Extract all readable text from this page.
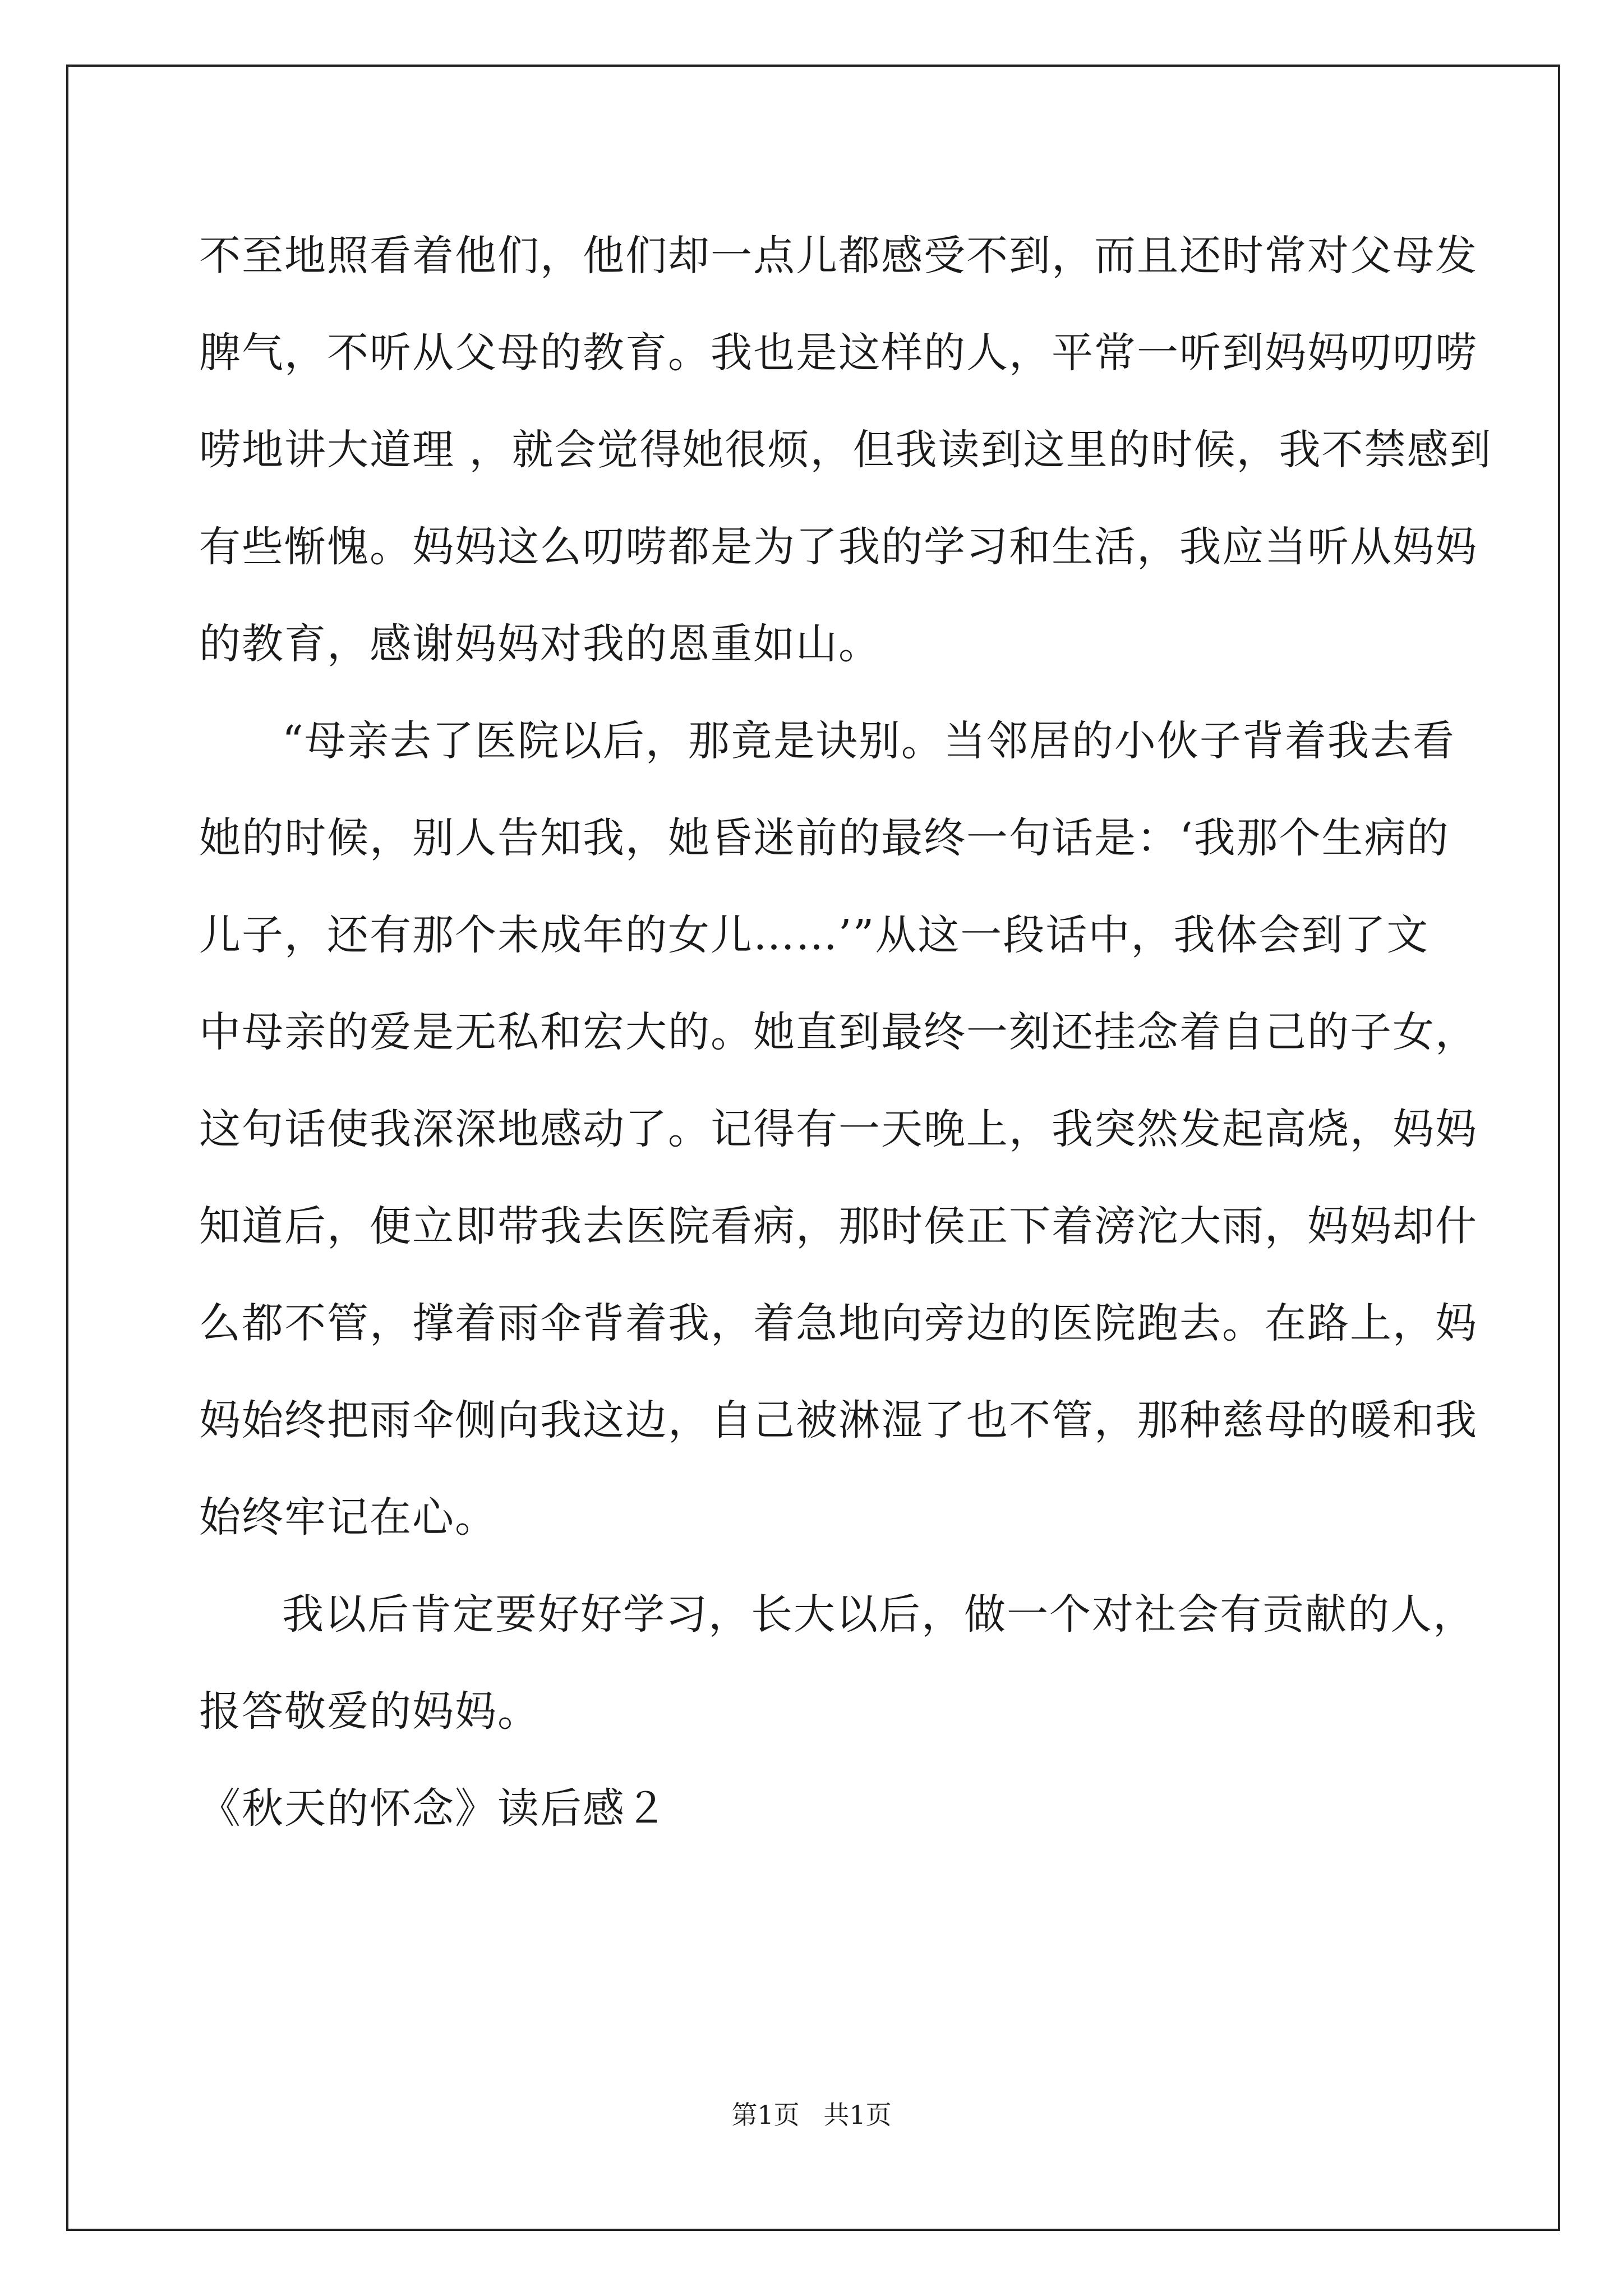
不至地照看着他们，他们却一点儿都感受不到，而且还时常对父母发
脾气，不听从父母的教育。我也是这样的人，平常一听到妈妈叨叨唠
唠地讲大道理 ，就会觉得她很烦，但我读到这里的时候，我不禁感到
有些惭愧。妈妈这么叨唠都是为了我的学习和生活，我应当听从妈妈
的教育，感谢妈妈对我的恩重如山。
“母亲去了医院以后，那竟是诀别。当邻居的小伙子背着我去看
她的时候，别人告知我，她昏迷前的最终一句话是：‘我那个生病的
儿子，还有那个未成年的女儿……’”从这一段话中，我体会到了文
中母亲的爱是无私和宏大的。她直到最终一刻还挂念着自己的子女，
这句话使我深深地感动了。记得有一天晚上，我突然发起高烧，妈妈
知道后，便立即带我去医院看病，那时侯正下着滂沱大雨，妈妈却什
么都不管，撑着雨伞背着我，着急地向旁边的医院跑去。在路上，妈
妈始终把雨伞侧向我这边，自己被淋湿了也不管，那种慈母的暖和我
始终牢记在心。
我以后肯定要好好学习，长大以后，做一个对社会有贡献的人，
报答敬爱的妈妈。
《秋天的怀念》读后感２
第1页 共1页
